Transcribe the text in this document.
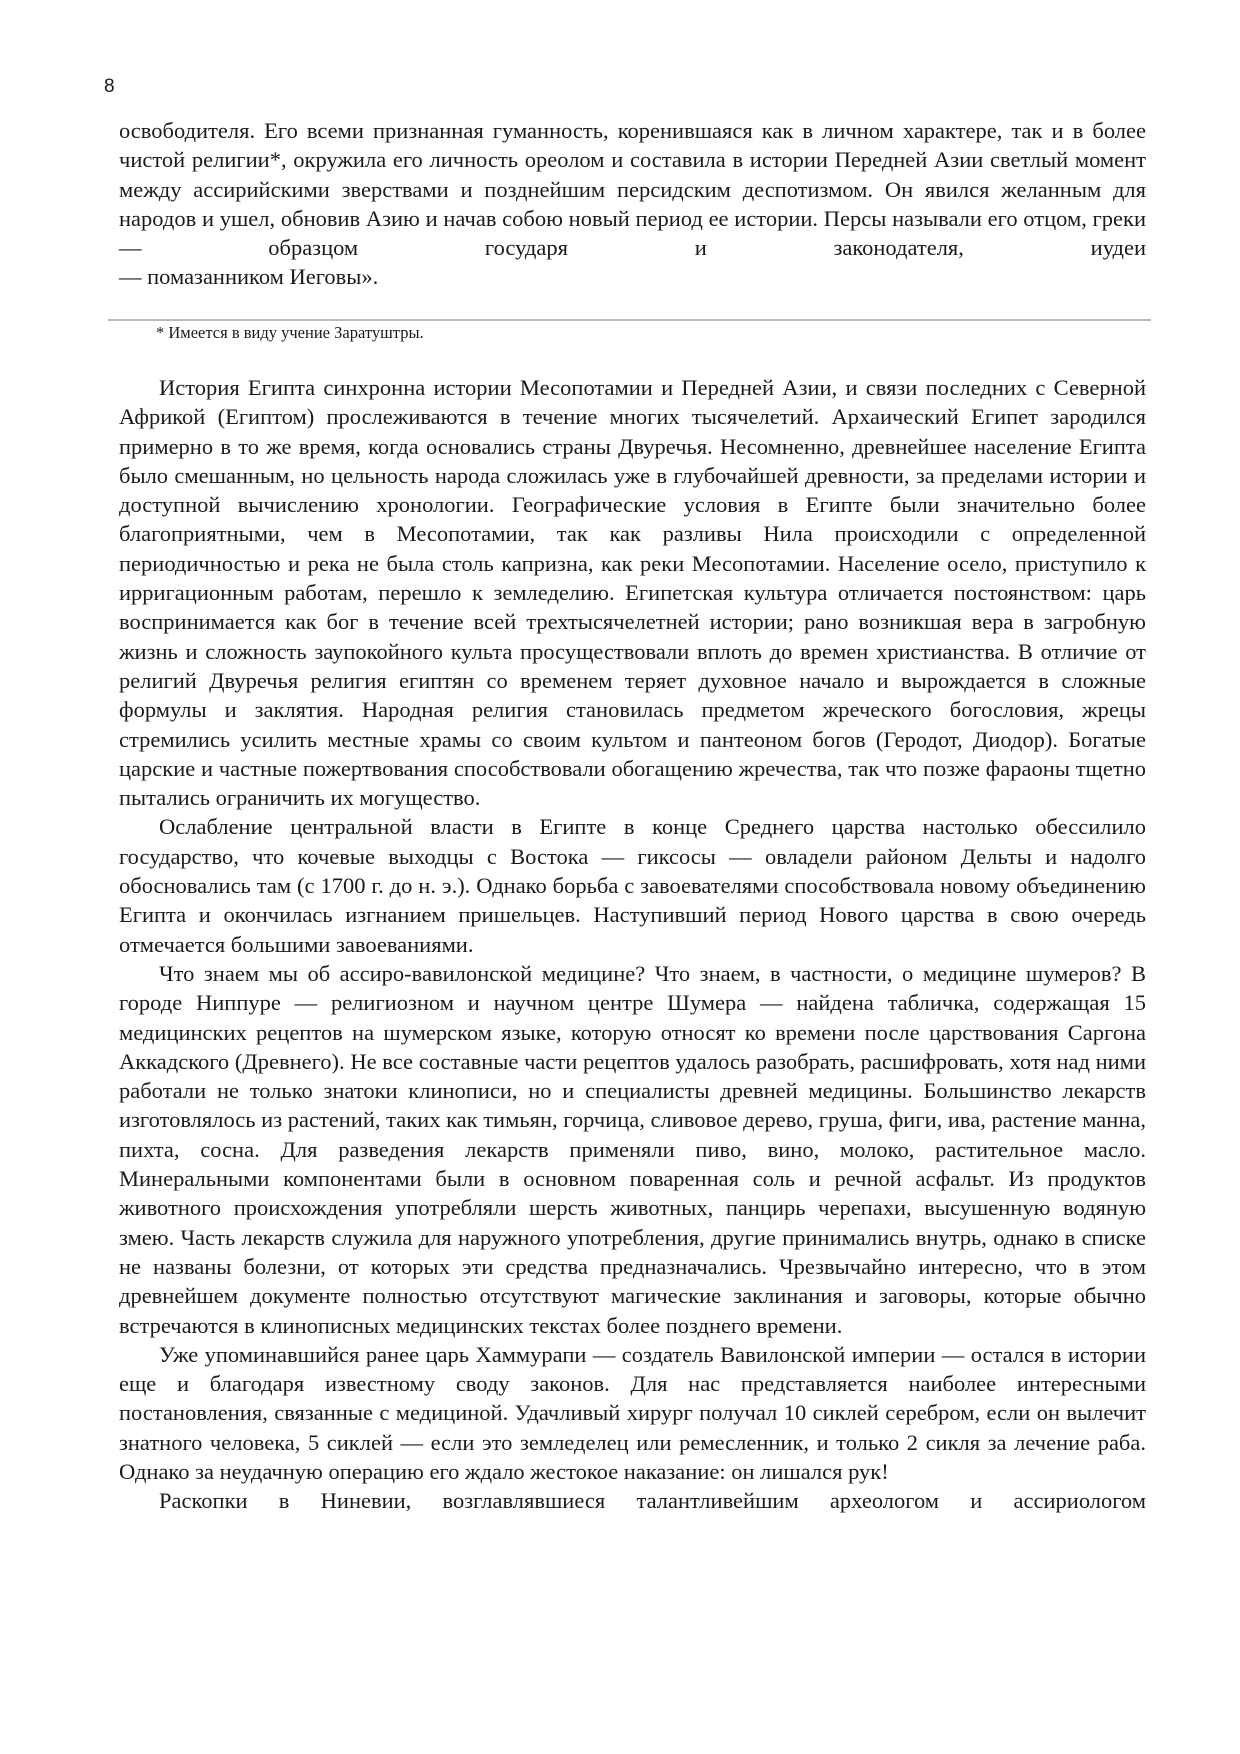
8

освободителя. Его всеми признанная гуманность, коренившаяся как в личном характере, так и в более чистой религии*, окружила его личность ореолом и составила в истории Передней Азии светлый момент между ассирийскими зверствами и позднейшим персидским деспотизмом. Он явился желанным для народов и ушел, обновив Азию и начав собою новый период ее истории. Персы называли его отцом, греки — образцом государя и законодателя, иудеи

— помазанником Иеговы».

* Имеется в виду учение Заратуштры.

История Египта синхронна истории Месопотамии и Передней Азии, и связи последних с Северной Африкой (Египтом) прослеживаются в течение многих тысячелетий. Архаический Египет зародился примерно в то же время, когда основались страны Двуречья. Несомненно, древнейшее население Египта было смешанным, но цельность народа сложилась уже в глубочайшей древности, за пределами истории и доступной вычислению хронологии. Географические условия в Египте были значительно более благоприятными, чем в Месопотамии, так как разливы Нила происходили с определенной периодичностью и река не была столь капризна, как реки Месопотамии. Население осело, приступило к ирригационным работам, перешло к земледелию. Египетская культура отличается постоянством: царь воспринимается как бог в течение всей трехтысячелетней истории; рано возникшая вера в загробную жизнь и сложность заупокойного культа просуществовали вплоть до времен христианства. В отличие от религий Двуречья религия египтян со временем теряет духовное начало и вырождается в сложные формулы и заклятия. Народная религия становилась предметом жреческого богословия, жрецы стремились усилить местные храмы со своим культом и пантеоном богов (Геродот, Диодор). Богатые царские и частные пожертвования способствовали обогащению жречества, так что позже фараоны тщетно пытались ограничить их могущество.

Ослабление центральной власти в Египте в конце Среднего царства настолько обессилило государство, что кочевые выходцы с Востока — гиксосы — овладели районом Дельты и надолго обосновались там (с 1700 г. до н. э.). Однако борьба с завоевателями способствовала новому объединению Египта и окончилась изгнанием пришельцев. Наступивший период Нового царства в свою очередь отмечается большими завоеваниями.

Что знаем мы об ассиро-вавилонской медицине? Что знаем, в частности, о медицине шумеров? В городе Ниппуре — религиозном и научном центре Шумера — найдена табличка, содержащая 15 медицинских рецептов на шумерском языке, которую относят ко времени после царствования Саргона Аккадского (Древнего). Не все составные части рецептов удалось разобрать, расшифровать, хотя над ними работали не только знатоки клинописи, но и специалисты древней медицины. Большинство лекарств изготовлялось из растений, таких как тимьян, горчица, сливовое дерево, груша, фиги, ива, растение манна, пихта, сосна. Для разведения лекарств применяли пиво, вино, молоко, растительное масло. Минеральными компонентами были в основном поваренная соль и речной асфальт. Из продуктов животного происхождения употребляли шерсть животных, панцирь черепахи, высушенную водяную змею. Часть лекарств служила для наружного употребления, другие принимались внутрь, однако в списке не названы болезни, от которых эти средства предназначались. Чрезвычайно интересно, что в этом древнейшем документе полностью отсутствуют магические заклинания и заговоры, которые обычно встречаются в клинописных медицинских текстах более позднего времени.

Уже упоминавшийся ранее царь Хаммурапи — создатель Вавилонской империи — остался в истории еще и благодаря известному своду законов. Для нас представляется наиболее интересными постановления, связанные с медициной. Удачливый хирург получал 10 сиклей серебром, если он вылечит знатного человека, 5 сиклей — если это земледелец или ремесленник, и только 2 сикля за лечение раба. Однако за неудачную операцию его ждало жестокое наказание: он лишался рук!

Раскопки в Ниневии, возглавлявшиеся талантливейшим археологом и ассириологом
